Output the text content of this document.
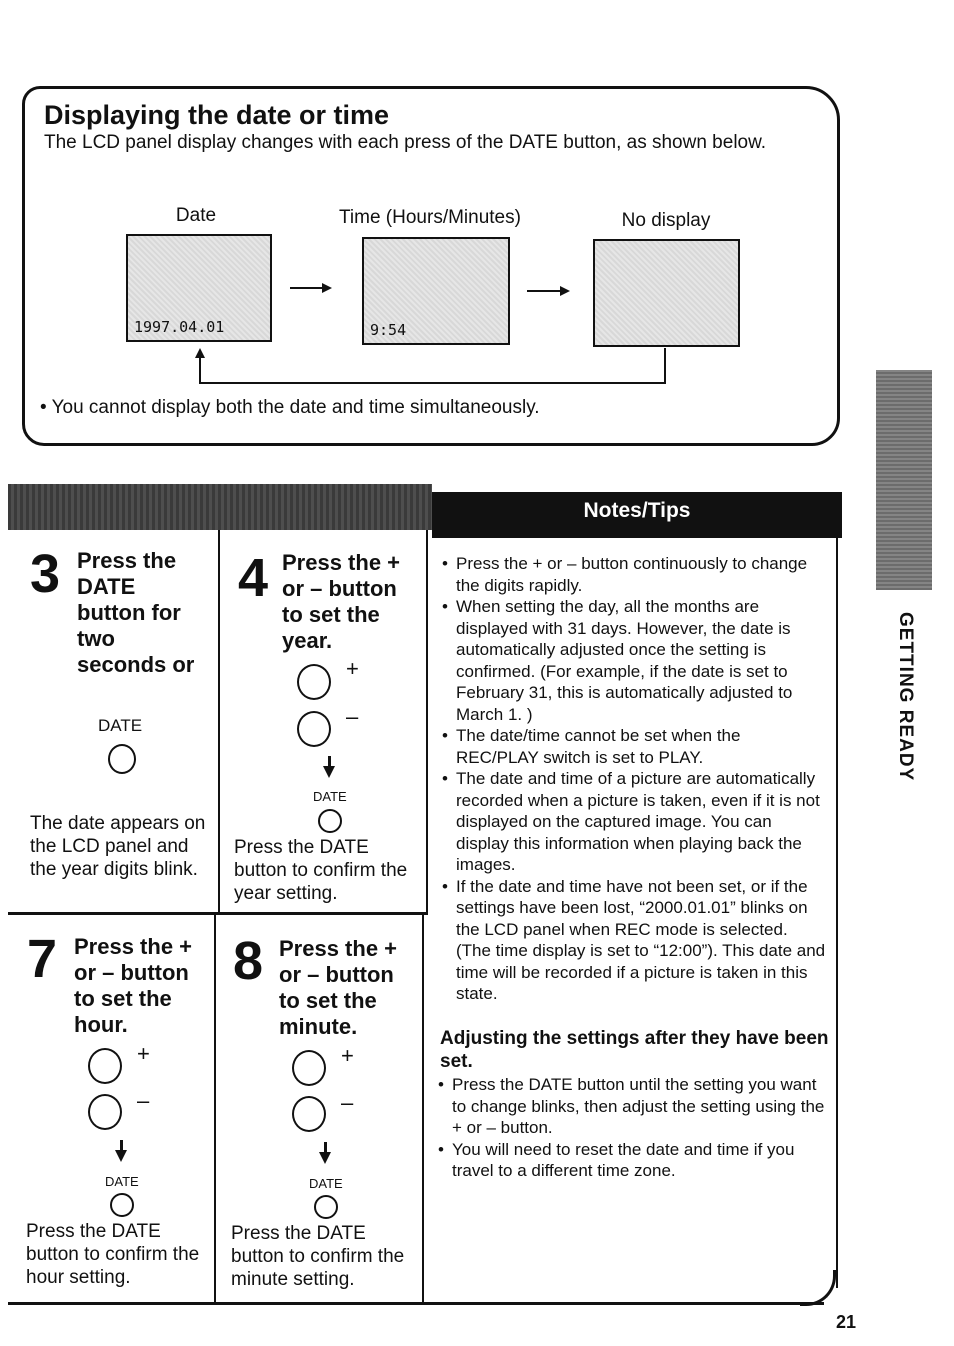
Displaying the date or time

The LCD panel display changes with each press of the DATE button, as shown below.

Date	Time (Hours/Minutes)	No display
1997.04.01	9:54
• You cannot display both the date and time simultaneously.
Notes/Tips
3 Press the DATE button for two seconds or
DATE
The date appears on the LCD panel and the year digits blink.
4 Press the + or – button to set the year.
+
–
DATE
Press the DATE button to confirm the year setting.
7 Press the + or – button to set the hour.
+
–
DATE
Press the DATE button to confirm the hour setting.
8 Press the + or – button to set the minute.
+
–
DATE
Press the DATE button to confirm the minute setting.
• Press the + or – button continuously to change the digits rapidly.
• When setting the day, all the months are displayed with 31 days. However, the date is automatically adjusted once the setting is confirmed. (For example, if the date is set to February 31, this is automatically adjusted to March 1. )
• The date/time cannot be set when the REC/PLAY switch is set to PLAY.
• The date and time of a picture are automatically recorded when a picture is taken, even if it is not displayed on the captured image. You can display this information when playing back the images.
• If the date and time have not been set, or if the settings have been lost, “2000.01.01” blinks on the LCD panel when REC mode is selected. (The time display is set to “12:00”). This date and time will be recorded if a picture is taken in this state.
Adjusting the settings after they have been set.
• Press the DATE button until the setting you want to change blinks, then adjust the setting using the + or – button.
• You will need to reset the date and time if you travel to a different time zone.
GETTING READY
21
